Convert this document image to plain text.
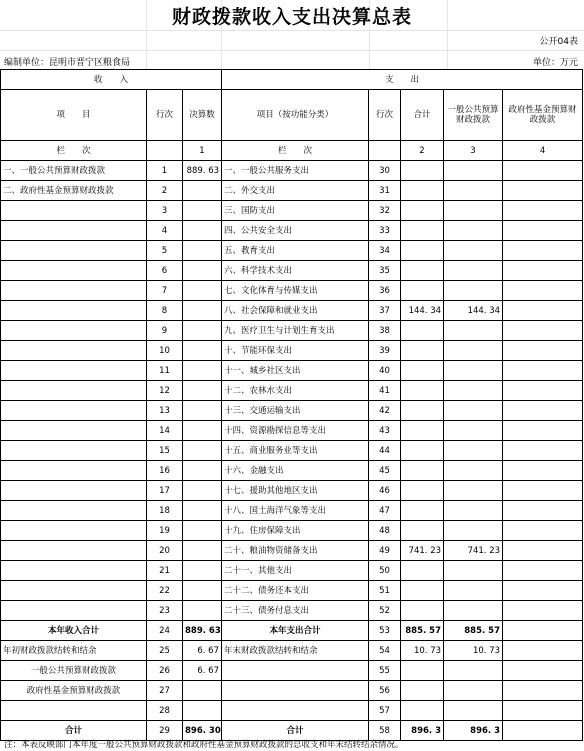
财政拨款收入支出决算总表
公开04表
编制单位：昆明市晋宁区粮食局	单位：万元
收　　入			支　　出				
项　　目	行次	决算数	项目（按功能分类）	行次	合计	一般公共预算财政拨款	政府性基金预算财政拨款
栏　　次		1	栏　　次		2	3	4
一、一般公共预算财政拨款	1	889. 63	一、一般公共服务支出	30			
二、政府性基金预算财政拨款	2		二、外交支出	31			
	3		三、国防支出	32			
	4		四、公共安全支出	33			
	5		五、教育支出	34			
	6		六、科学技术支出	35			
	7		七、文化体育与传媒支出	36			
	8		八、社会保障和就业支出	37	144. 34	144. 34	
	9		九、医疗卫生与计划生育支出	38			
	10		十、节能环保支出	39			
	11		十一、城乡社区支出	40			
	12		十二、农林水支出	41			
	13		十三、交通运输支出	42			
	14		十四、资源勘探信息等支出	43			
	15		十五、商业服务业等支出	44			
	16		十六、金融支出	45			
	17		十七、援助其他地区支出	46			
	18		十八、国土海洋气象等支出	47			
	19		十九、住房保障支出	48			
	20		二十、粮油物资储备支出	49	741. 23	741. 23	
	21		二十一、其他支出	50			
	22		二十二、债务还本支出	51			
	23		二十三、债务付息支出	52			
本年收入合计	24	889. 63	本年支出合计	53	885. 57	885. 57	
年初财政拨款结转和结余	25	6. 67	年末财政拨款结转和结余	54	10. 73	10. 73	
一般公共预算财政拨款	26	6. 67		55			
政府性基金预算财政拨款	27			56			
	28			57			
合计	29	896. 30	合计	58	896. 3	896. 3	
注：本表反映部门本年度一般公共预算财政拨款和政府性基金预算财政拨款的总收支和年末结转结余情况。
